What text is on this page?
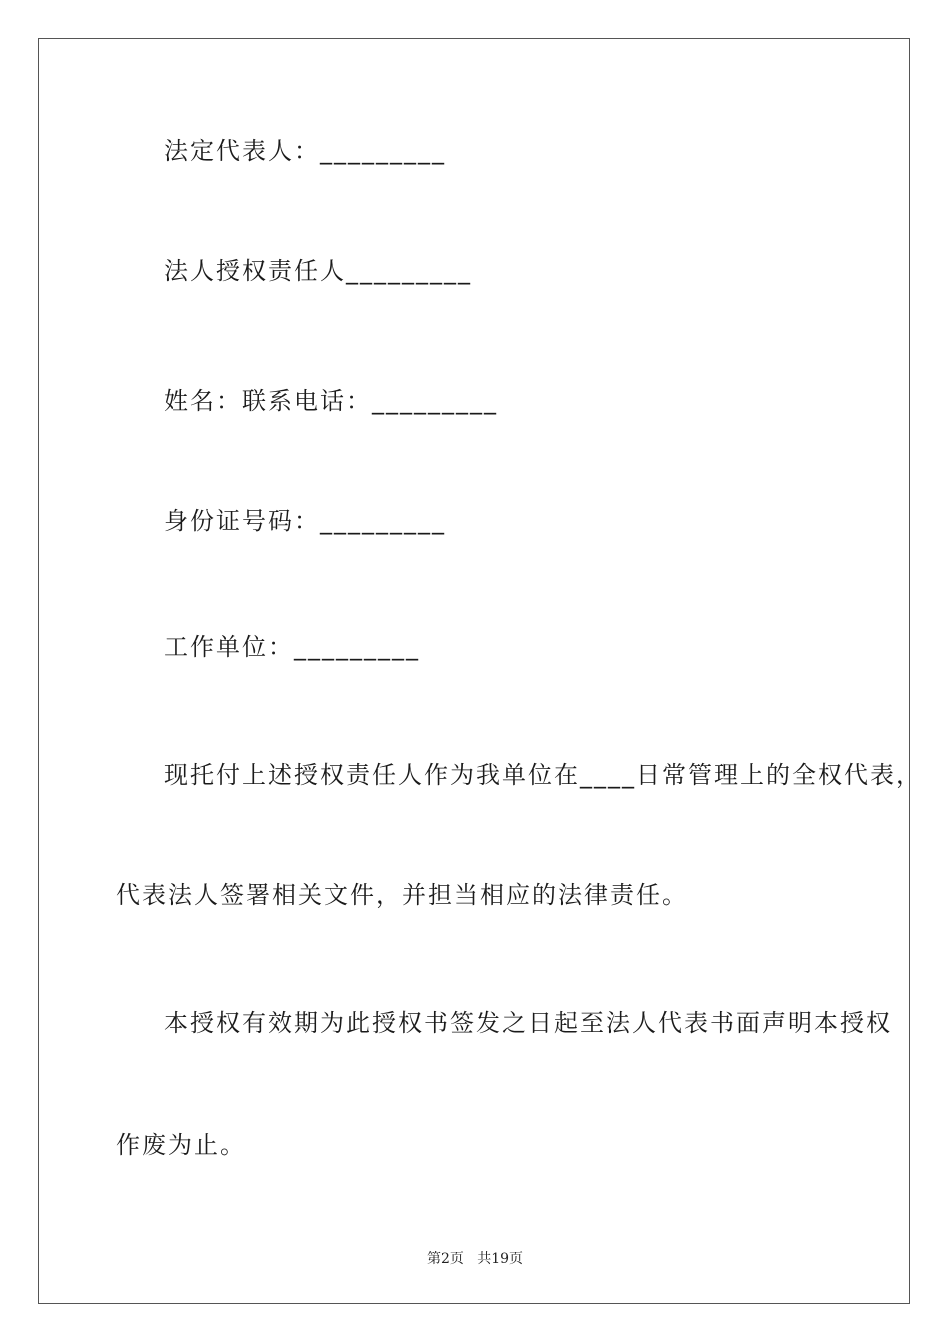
法定代表人：_________
法人授权责任人_________
姓名：联系电话：_________
身份证号码：_________
工作单位：_________
现托付上述授权责任人作为我单位在____日常管理上的全权代表，
代表法人签署相关文件，并担当相应的法律责任。
本授权有效期为此授权书签发之日起至法人代表书面声明本授权
作废为止。
第2页   共19页
